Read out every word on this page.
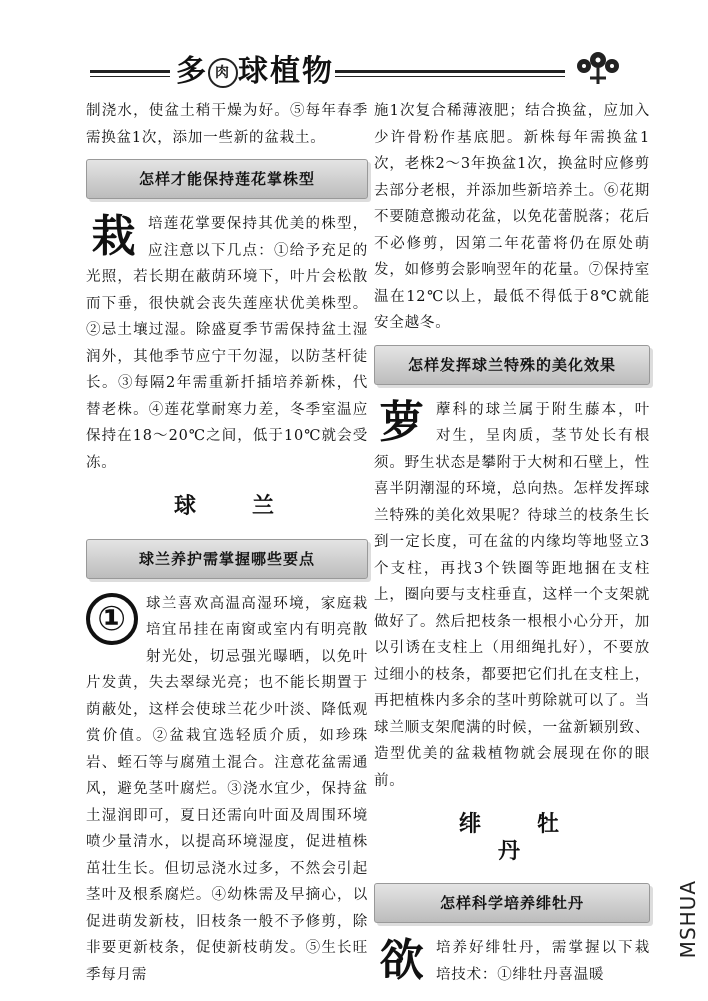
多 肉 球植物

制浇水，使盆土稍干燥为好。⑤每年春季需换盆1次，添加一些新的盆栽土。

怎样才能保持莲花掌株型

栽培莲花掌要保持其优美的株型，应注意以下几点：①给予充足的光照，若长期在蔽荫环境下，叶片会松散而下垂，很快就会丧失莲座状优美株型。②忌土壤过湿。除盛夏季节需保持盆土湿润外，其他季节应宁干勿湿，以防茎杆徒长。③每隔2年需重新扦插培养新株，代替老株。④莲花掌耐寒力差，冬季室温应保持在18～20℃之间，低于10℃就会受冻。

球兰
球兰养护需掌握哪些要点

①	球兰喜欢高温高湿环境，家庭栽培宜吊挂在南窗或室内有明亮散射光处，切忌强光曝晒，以免叶片发黄，失去翠绿光亮；也不能长期置于荫蔽处，这样会使球兰花少叶淡、降低观赏价值。②盆栽宜选轻质介质，如珍珠岩、蛭石等与腐殖土混合。注意花盆需通风，避免茎叶腐烂。③浇水宜少，保持盆土湿润即可，夏日还需向叶面及周围环境喷少量清水，以提高环境湿度，促进植株茁壮生长。但切忌浇水过多，不然会引起茎叶及根系腐烂。④幼株需及早摘心，以促进萌发新枝，旧枝条一般不予修剪，除非要更新枝条，促使新枝萌发。⑤生长旺季每月需

施1次复合稀薄液肥；结合换盆，应加入少许骨粉作基底肥。新株每年需换盆1次，老株2～3年换盆1次，换盆时应修剪去部分老根，并添加些新培养土。⑥花期不要随意搬动花盆，以免花蕾脱落；花后不必修剪，因第二年花蕾将仍在原处萌发，如修剪会影响翌年的花量。⑦保持室温在12℃以上，最低不得低于8℃就能安全越冬。

怎样发挥球兰特殊的美化效果

萝藦科的球兰属于附生藤本，叶对生，呈肉质，茎节处长有根须。野生状态是攀附于大树和石壁上，性喜半阴潮湿的环境，总向热。怎样发挥球兰特殊的美化效果呢？待球兰的枝条生长到一定长度，可在盆的内缘均等地竖立3个支柱，再找3个铁圈等距地捆在支柱上，圈向要与支柱垂直，这样一个支架就做好了。然后把枝条一根根小心分开，加以引诱在支柱上（用细绳扎好），不要放过细小的枝条，都要把它们扎在支柱上，再把植株内多余的茎叶剪除就可以了。当球兰顺支架爬满的时候，一盆新颖别致、造型优美的盆栽植物就会展现在你的眼前。

绯牡丹
怎样科学培养绯牡丹

欲培养好绯牡丹，需掌握以下栽培技术：①绯牡丹喜温暖

MSHUA
